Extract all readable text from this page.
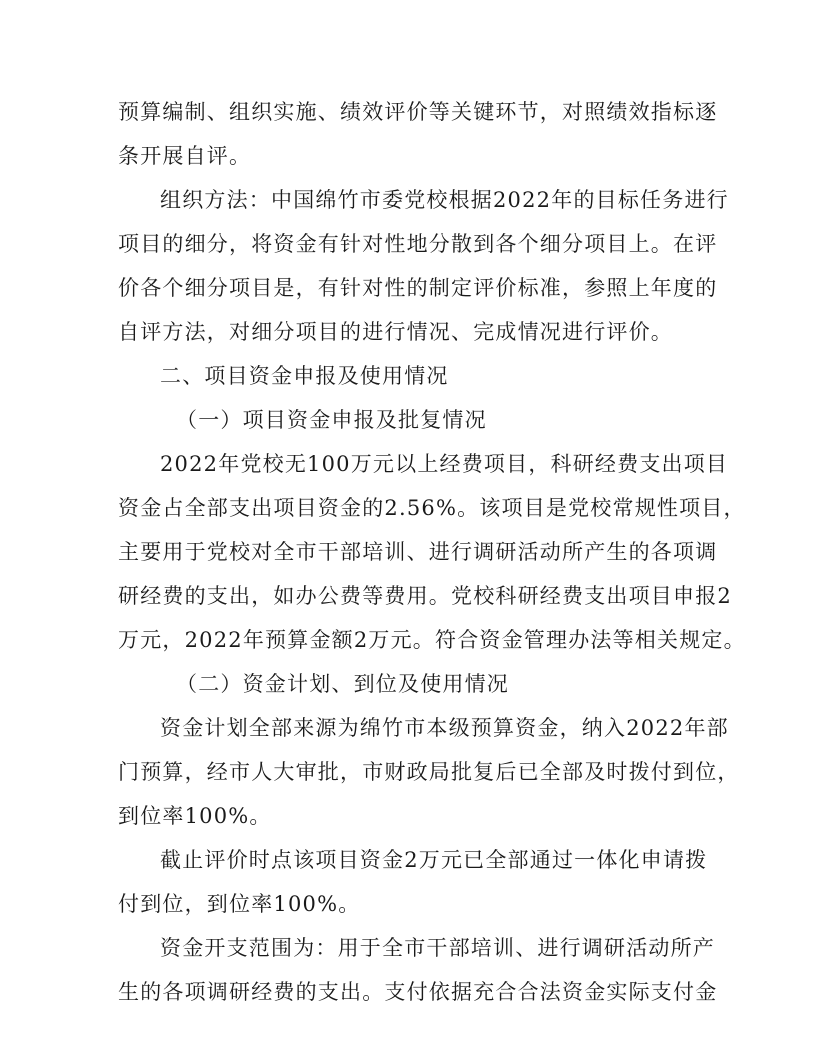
预算编制、组织实施、绩效评价等关键环节，对照绩效指标逐
条开展自评。
组织方法：中国绵竹市委党校根据2022年的目标任务进行
项目的细分，将资金有针对性地分散到各个细分项目上。在评
价各个细分项目是，有针对性的制定评价标准，参照上年度的
自评方法，对细分项目的进行情况、完成情况进行评价。
二、项目资金申报及使用情况
（一）项目资金申报及批复情况
2022年党校无100万元以上经费项目，科研经费支出项目
资金占全部支出项目资金的2.56%。该项目是党校常规性项目，
主要用于党校对全市干部培训、进行调研活动所产生的各项调
研经费的支出，如办公费等费用。党校科研经费支出项目申报2
万元，2022年预算金额2万元。符合资金管理办法等相关规定。
（二）资金计划、到位及使用情况
资金计划全部来源为绵竹市本级预算资金，纳入2022年部
门预算，经市人大审批，市财政局批复后已全部及时拨付到位，
到位率100%。
截止评价时点该项目资金2万元已全部通过一体化申请拨
付到位，到位率100%。
资金开支范围为：用于全市干部培训、进行调研活动所产
生的各项调研经费的支出。支付依据充合合法资金实际支付金
